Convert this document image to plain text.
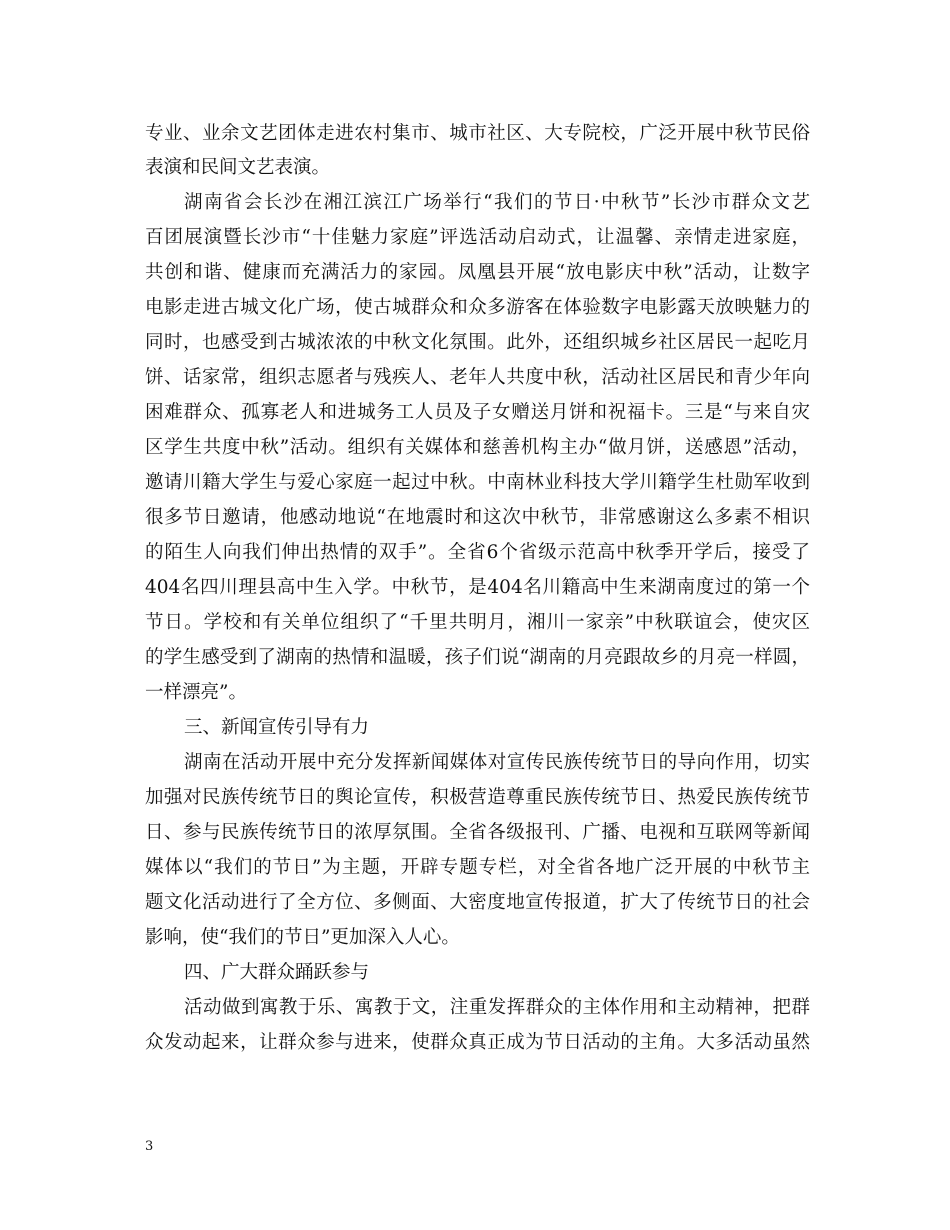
专业、业余文艺团体走进农村集市、城市社区、大专院校，广泛开展中秋节民俗
表演和民间文艺表演。
湖南省会长沙在湘江滨江广场举行“我们的节日·中秋节”长沙市群众文艺
百团展演暨长沙市“十佳魅力家庭”评选活动启动式，让温馨、亲情走进家庭，
共创和谐、健康而充满活力的家园。凤凰县开展“放电影庆中秋”活动，让数字
电影走进古城文化广场，使古城群众和众多游客在体验数字电影露天放映魅力的
同时，也感受到古城浓浓的中秋文化氛围。此外，还组织城乡社区居民一起吃月
饼、话家常，组织志愿者与残疾人、老年人共度中秋，活动社区居民和青少年向
困难群众、孤寡老人和进城务工人员及子女赠送月饼和祝福卡。三是“与来自灾
区学生共度中秋”活动。组织有关媒体和慈善机构主办“做月饼，送感恩”活动，
邀请川籍大学生与爱心家庭一起过中秋。中南林业科技大学川籍学生杜勋军收到
很多节日邀请，他感动地说“在地震时和这次中秋节，非常感谢这么多素不相识
的陌生人向我们伸出热情的双手”。全省6个省级示范高中秋季开学后，接受了
404名四川理县高中生入学。中秋节，是404名川籍高中生来湖南度过的第一个
节日。学校和有关单位组织了“千里共明月，湘川一家亲”中秋联谊会，使灾区
的学生感受到了湖南的热情和温暖，孩子们说“湖南的月亮跟故乡的月亮一样圆，
一样漂亮”。
三、新闻宣传引导有力
湖南在活动开展中充分发挥新闻媒体对宣传民族传统节日的导向作用，切实
加强对民族传统节日的舆论宣传，积极营造尊重民族传统节日、热爱民族传统节
日、参与民族传统节日的浓厚氛围。全省各级报刊、广播、电视和互联网等新闻
媒体以“我们的节日”为主题，开辟专题专栏，对全省各地广泛开展的中秋节主
题文化活动进行了全方位、多侧面、大密度地宣传报道，扩大了传统节日的社会
影响，使“我们的节日”更加深入人心。
四、广大群众踊跃参与
活动做到寓教于乐、寓教于文，注重发挥群众的主体作用和主动精神，把群
众发动起来，让群众参与进来，使群众真正成为节日活动的主角。大多活动虽然
3
